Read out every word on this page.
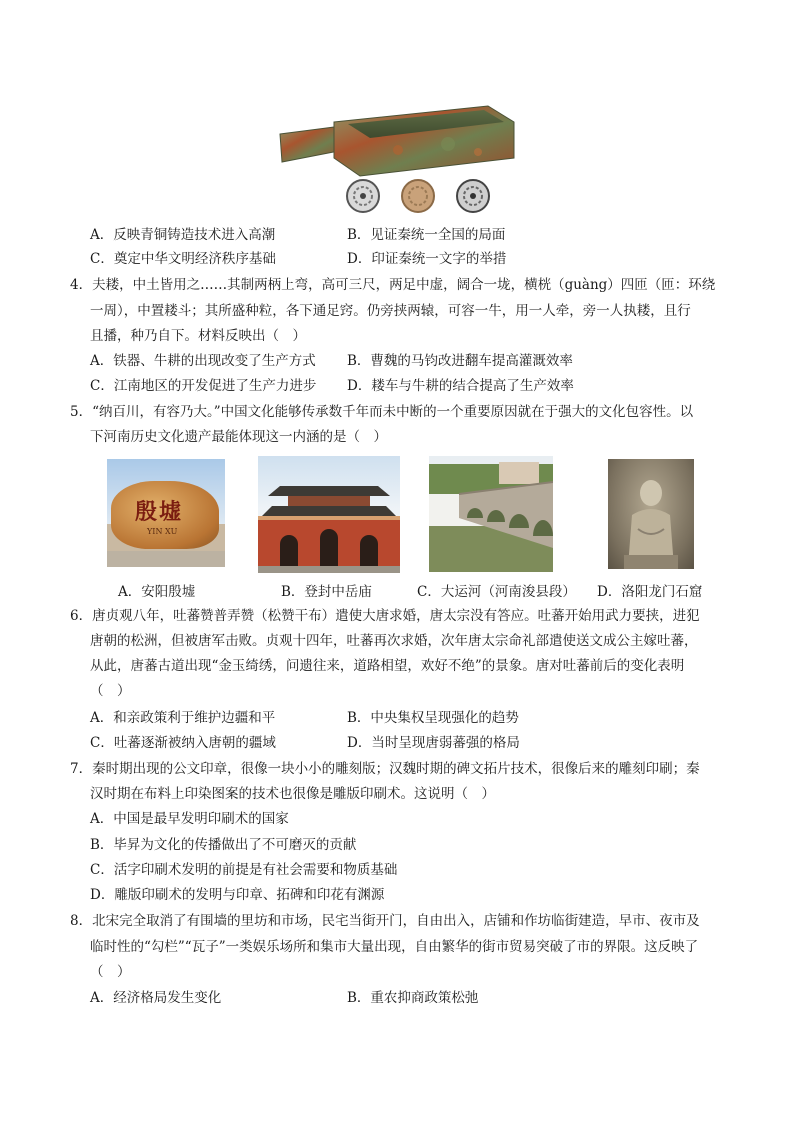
A．反映青铜铸造技术进入高潮	B．见证秦统一全国的局面
C．奠定中华文明经济秩序基础	D．印证秦统一文字的举措
4．夫耧，中土皆用之……其制两柄上弯，高可三尺，两足中虚，阔合一垅，横桄（guàng）四匝（匝：环绕
一周），中置耧斗；其所盛种粒，各下通足窍。仍旁挟两辕，可容一牛，用一人牵，旁一人执耧，且行
且播，种乃自下。材料反映出（　）
A．铁器、牛耕的出现改变了生产方式 B．曹魏的马钧改进翻车提高灌溉效率
C．江南地区的开发促进了生产力进步 D．耧车与牛耕的结合提高了生产效率
5．“纳百川，有容乃大。”中国文化能够传承数千年而未中断的一个重要原因就在于强大的文化包容性。以
下河南历史文化遗产最能体现这一内涵的是（　）
殷墟
YIN XU
A．安阳殷墟	B．登封中岳庙	C．大运河（河南浚县段） D．洛阳龙门石窟
6．唐贞观八年，吐蕃赞普弄赞（松赞干布）遣使大唐求婚，唐太宗没有答应。吐蕃开始用武力要挟，进犯
唐朝的松洲，但被唐军击败。贞观十四年，吐蕃再次求婚，次年唐太宗命礼部遣使送文成公主嫁吐蕃，
从此，唐蕃古道出现“金玉绮绣，问遗往来，道路相望，欢好不绝”的景象。唐对吐蕃前后的变化表明
（　）
A．和亲政策利于维护边疆和平	B．中央集权呈现强化的趋势
C．吐蕃逐渐被纳入唐朝的疆域	D．当时呈现唐弱蕃强的格局
7．秦时期出现的公文印章，很像一块小小的雕刻版；汉魏时期的碑文拓片技术，很像后来的雕刻印刷；秦
汉时期在布料上印染图案的技术也很像是雕版印刷术。这说明（　）
A．中国是最早发明印刷术的国家
B．毕昇为文化的传播做出了不可磨灭的贡献
C．活字印刷术发明的前提是有社会需要和物质基础
D．雕版印刷术的发明与印章、拓碑和印花有渊源
8．北宋完全取消了有围墙的里坊和市场，民宅当街开门，自由出入，店铺和作坊临街建造，早市、夜市及
临时性的“勾栏”“瓦子”一类娱乐场所和集市大量出现，自由繁华的街市贸易突破了市的界限。这反映了
（　）
A．经济格局发生变化	B．重农抑商政策松弛
